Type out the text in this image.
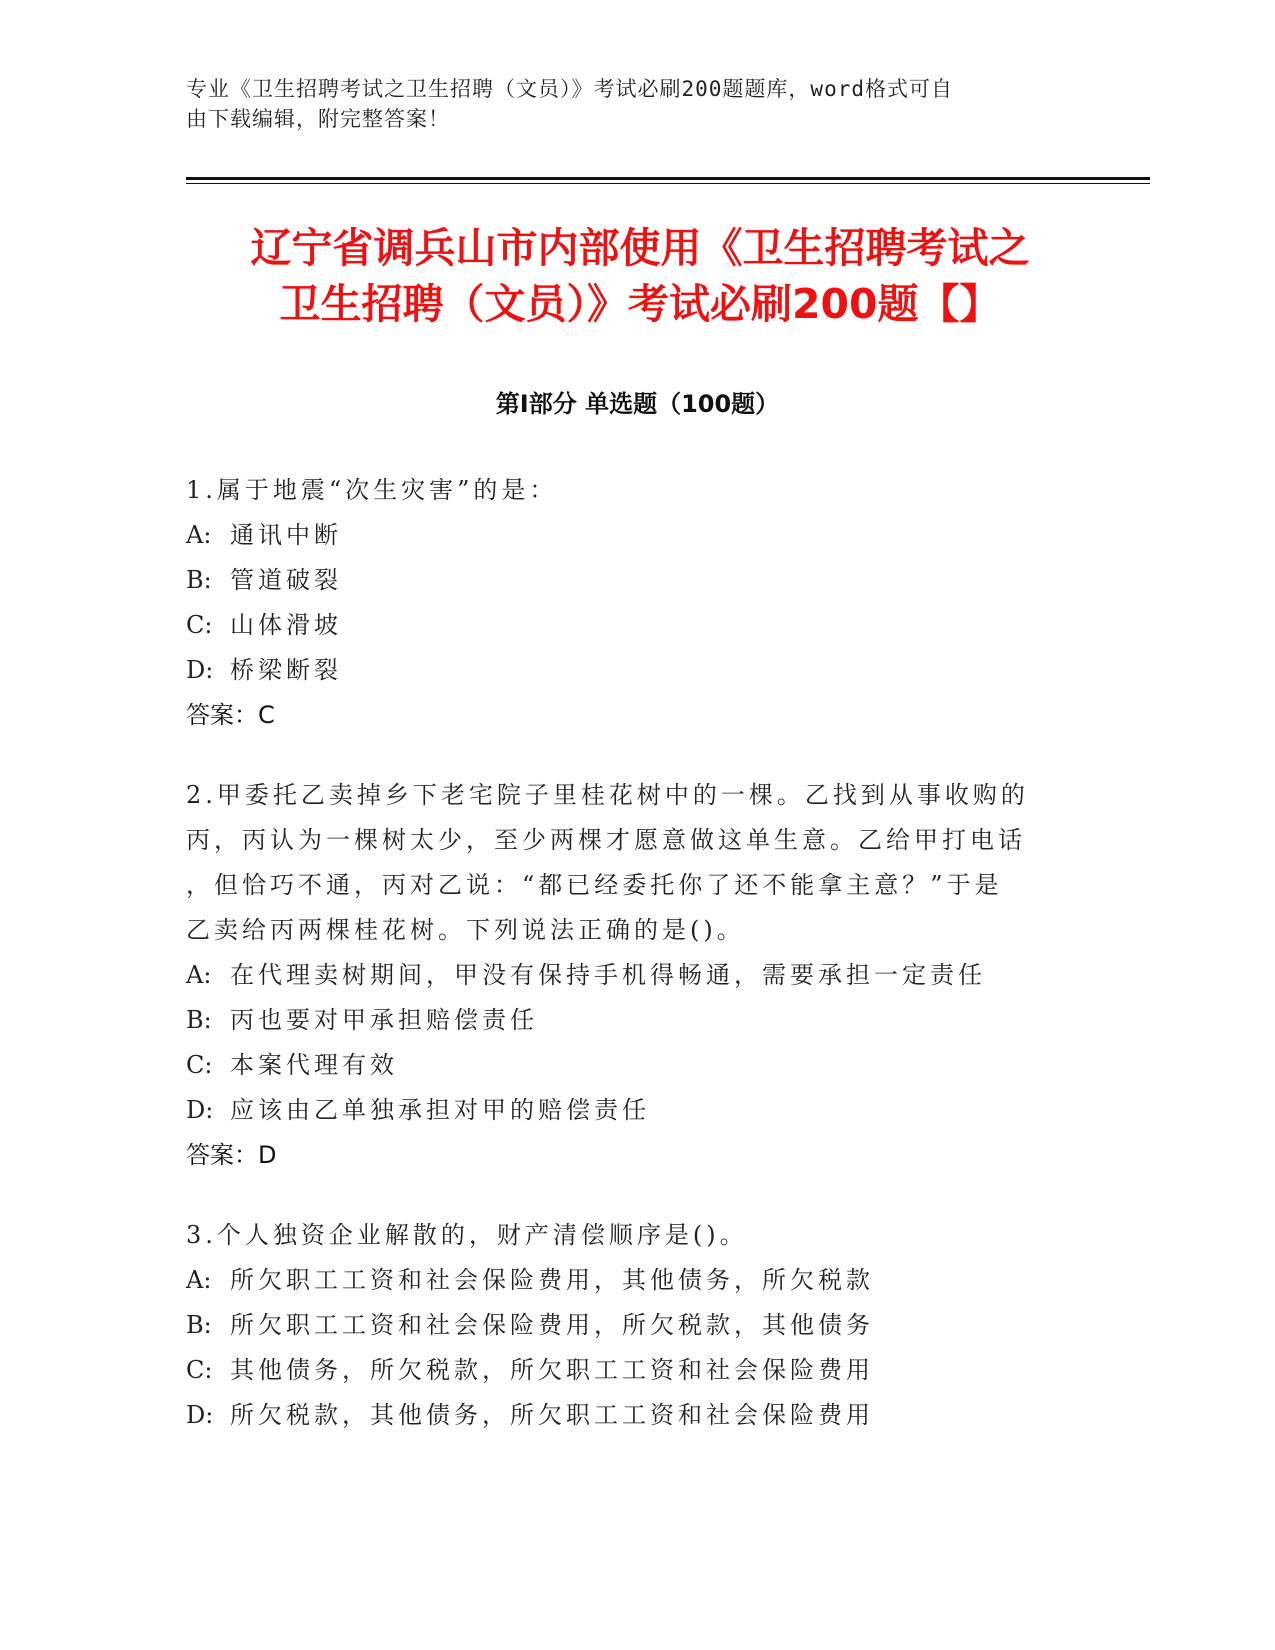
专业《卫生招聘考试之卫生招聘（文员）》考试必刷200题题库，word格式可自
由下载编辑，附完整答案！
辽宁省调兵山市内部使用《卫生招聘考试之
卫生招聘（文员）》考试必刷200题【】
第Ⅰ部分 单选题（100题）
1.属于地震“次生灾害”的是：
A: 通讯中断
B: 管道破裂
C: 山体滑坡
D: 桥梁断裂
答案：C
2.甲委托乙卖掉乡下老宅院子里桂花树中的一棵。乙找到从事收购的
丙，丙认为一棵树太少，至少两棵才愿意做这单生意。乙给甲打电话
，但恰巧不通，丙对乙说：“都已经委托你了还不能拿主意？”于是
乙卖给丙两棵桂花树。下列说法正确的是()。
A: 在代理卖树期间，甲没有保持手机得畅通，需要承担一定责任
B: 丙也要对甲承担赔偿责任
C: 本案代理有效
D: 应该由乙单独承担对甲的赔偿责任
答案：D
3.个人独资企业解散的，财产清偿顺序是()。
A: 所欠职工工资和社会保险费用，其他债务，所欠税款
B: 所欠职工工资和社会保险费用，所欠税款，其他债务
C: 其他债务，所欠税款，所欠职工工资和社会保险费用
D: 所欠税款，其他债务，所欠职工工资和社会保险费用
